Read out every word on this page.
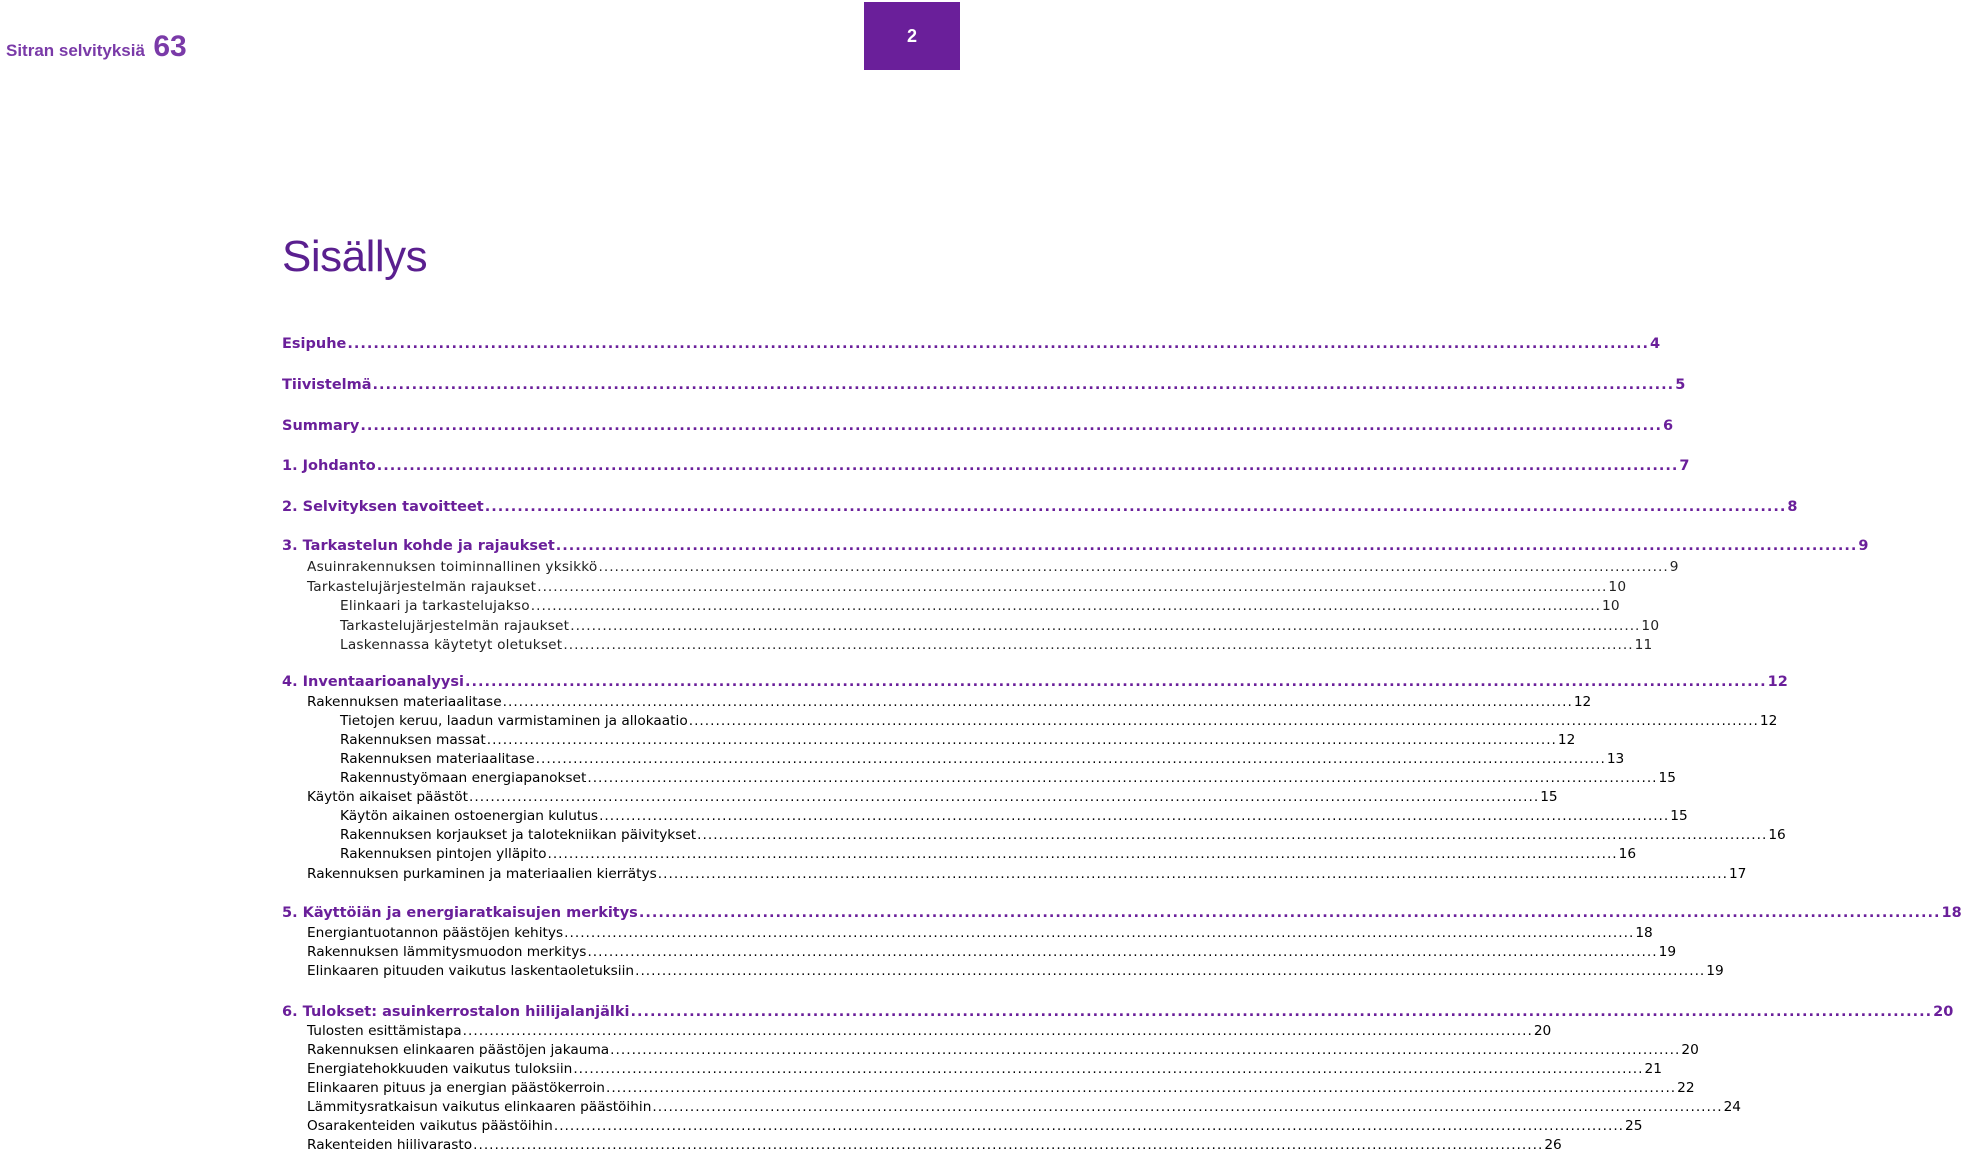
Sitran selvityksiä 63	2
Sisällys
Esipuhe ........................................................................................................................................................................................................ 4
Tiivistelmä ........................................................................................................................................................................................................ 5
Summary ........................................................................................................................................................................................................ 6
1. Johdanto ........................................................................................................................................................................................................ 7
2. Selvityksen tavoitteet ........................................................................................................................................................................................................ 8
3. Tarkastelun kohde ja rajaukset ........................................................................................................................................................................................................ 9
Asuinrakennuksen toiminnallinen yksikkö ........................................................................................................................................................................................................ 9
Tarkastelujärjestelmän rajaukset ........................................................................................................................................................................................................ 10
Elinkaari ja tarkastelujakso ........................................................................................................................................................................................................ 10
Tarkastelujärjestelmän rajaukset ........................................................................................................................................................................................................ 10
Laskennassa käytetyt oletukset ........................................................................................................................................................................................................ 11
4. Inventaarioanalyysi ........................................................................................................................................................................................................ 12
Rakennuksen materiaalitase ........................................................................................................................................................................................................ 12
Tietojen keruu, laadun varmistaminen ja allokaatio ........................................................................................................................................................................................................ 12
Rakennuksen massat ........................................................................................................................................................................................................ 12
Rakennuksen materiaalitase ........................................................................................................................................................................................................ 13
Rakennustyömaan energiapanokset ........................................................................................................................................................................................................ 15
Käytön aikaiset päästöt ........................................................................................................................................................................................................ 15
Käytön aikainen ostoenergian kulutus ........................................................................................................................................................................................................ 15
Rakennuksen korjaukset ja talotekniikan päivitykset ........................................................................................................................................................................................................ 16
Rakennuksen pintojen ylläpito ........................................................................................................................................................................................................ 16
Rakennuksen purkaminen ja materiaalien kierrätys ........................................................................................................................................................................................................ 17
5. Käyttöiän ja energiaratkaisujen merkitys ........................................................................................................................................................................................................ 18
Energiantuotannon päästöjen kehitys ........................................................................................................................................................................................................ 18
Rakennuksen lämmitysmuodon merkitys ........................................................................................................................................................................................................ 19
Elinkaaren pituuden vaikutus laskentaoletuksiin ........................................................................................................................................................................................................ 19
6. Tulokset: asuinkerrostalon hiilijalanjälki ........................................................................................................................................................................................................ 20
Tulosten esittämistapa ........................................................................................................................................................................................................ 20
Rakennuksen elinkaaren päästöjen jakauma ........................................................................................................................................................................................................ 20
Energiatehokkuuden vaikutus tuloksiin ........................................................................................................................................................................................................ 21
Elinkaaren pituus ja energian päästökerroin ........................................................................................................................................................................................................ 22
Lämmitysratkaisun vaikutus elinkaaren päästöihin ........................................................................................................................................................................................................ 24
Osarakenteiden vaikutus päästöihin ........................................................................................................................................................................................................ 25
Rakenteiden hiilivarasto ........................................................................................................................................................................................................ 26
